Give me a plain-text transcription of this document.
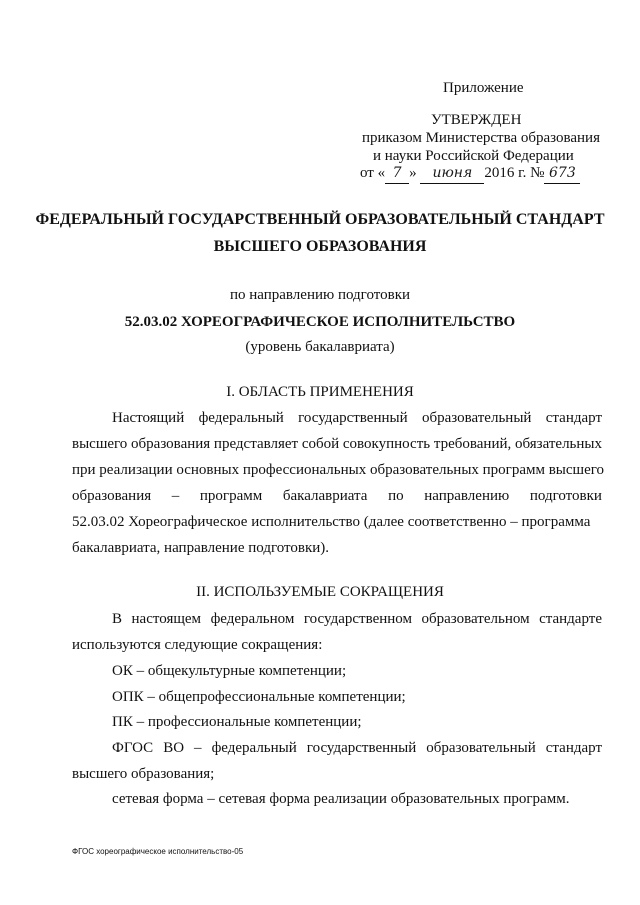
Приложение
УТВЕРЖДЕН
приказом Министерства образования
и науки Российской Федерации
от « 7 » июня 2016 г. № 673
ФЕДЕРАЛЬНЫЙ ГОСУДАРСТВЕННЫЙ ОБРАЗОВАТЕЛЬНЫЙ СТАНДАРТ
ВЫСШЕГО ОБРАЗОВАНИЯ
по направлению подготовки
52.03.02 ХОРЕОГРАФИЧЕСКОЕ ИСПОЛНИТЕЛЬСТВО
(уровень бакалавриата)
I. ОБЛАСТЬ ПРИМЕНЕНИЯ
Настоящий федеральный государственный образовательный стандарт
высшего образования представляет собой совокупность требований, обязательных
при реализации основных профессиональных образовательных программ высшего
образования – программ бакалавриата по направлению подготовки
52.03.02 Хореографическое исполнительство (далее соответственно – программа
бакалавриата, направление подготовки).
II. ИСПОЛЬЗУЕМЫЕ СОКРАЩЕНИЯ
В настоящем федеральном государственном образовательном стандарте
используются следующие сокращения:
ОК – общекультурные компетенции;
ОПК – общепрофессиональные компетенции;
ПК – профессиональные компетенции;
ФГОС ВО – федеральный государственный образовательный стандарт
высшего образования;
сетевая форма – сетевая форма реализации образовательных программ.
ФГОС хореографическое исполнительство-05
